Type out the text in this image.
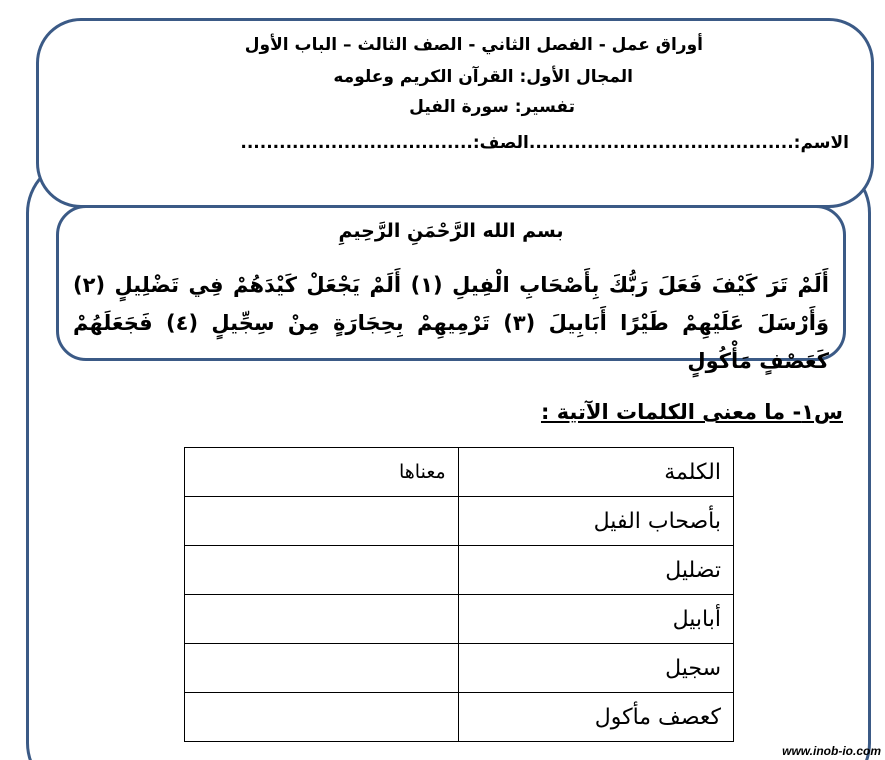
أوراق عمل - الفصل الثاني - الصف الثالث – الباب الأول
المجال الأول: القرآن الكريم وعلومه
تفسير: سورة الفيل
الاسم:.........................................الصف:....................................
بسم الله الرَّحْمَنِ الرَّحِيمِ
أَلَمْ تَرَ كَيْفَ فَعَلَ رَبُّكَ بِأَصْحَابِ الْفِيلِ (١) أَلَمْ يَجْعَلْ كَيْدَهُمْ فِي تَضْلِيلٍ (٢) وَأَرْسَلَ عَلَيْهِمْ طَيْرًا أَبَابِيلَ (٣) تَرْمِيهِمْ بِحِجَارَةٍ مِنْ سِجِّيلٍ (٤) فَجَعَلَهُمْ كَعَصْفٍ مَأْكُولٍ
س١- ما معنى الكلمات الآتية :
الكلمة	معناها
بأصحاب الفيل	
تضليل	
أبابيل	
سجيل	
كعصف مأكول	
www.inob-io.com
